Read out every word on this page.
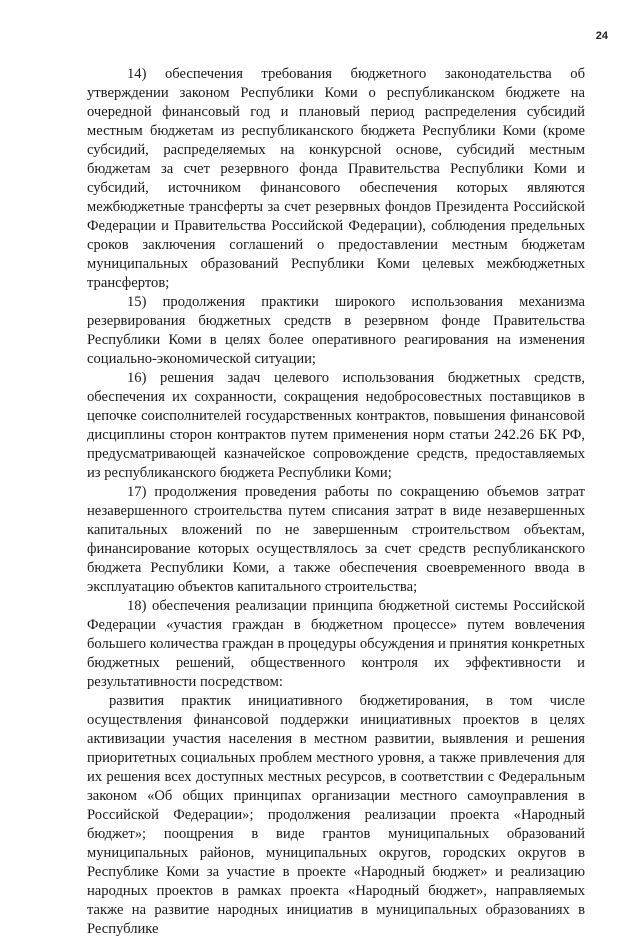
24

14) обеспечения требования бюджетного законодательства об утверждении законом Республики Коми о республиканском бюджете на очередной финансовый год и плановый период распределения субсидий местным бюджетам из республиканского бюджета Республики Коми (кроме субсидий, распределяемых на конкурсной основе, субсидий местным бюджетам за счет резервного фонда Правительства Республики Коми и субсидий, источником финансового обеспечения которых являются межбюджетные трансферты за счет резервных фондов Президента Российской Федерации и Правительства Российской Федерации), соблюдения предельных сроков заключения соглашений о предоставлении местным бюджетам муниципальных образований Республики Коми целевых межбюджетных трансфертов;

15) продолжения практики широкого использования механизма резервирования бюджетных средств в резервном фонде Правительства Республики Коми в целях более оперативного реагирования на изменения социально-экономической ситуации;

16) решения задач целевого использования бюджетных средств, обеспечения их сохранности, сокращения недобросовестных поставщиков в цепочке соисполнителей государственных контрактов, повышения финансовой дисциплины сторон контрактов путем применения норм статьи 242.26 БК РФ, предусматривающей казначейское сопровождение средств, предоставляемых из республиканского бюджета Республики Коми;

17) продолжения проведения работы по сокращению объемов затрат незавершенного строительства путем списания затрат в виде незавершенных капитальных вложений по не завершенным строительством объектам, финансирование которых осуществлялось за счет средств республиканского бюджета Республики Коми, а также обеспечения своевременного ввода в эксплуатацию объектов капитального строительства;

18) обеспечения реализации принципа бюджетной системы Российской Федерации «участия граждан в бюджетном процессе» путем вовлечения большего количества граждан в процедуры обсуждения и принятия конкретных бюджетных решений, общественного контроля их эффективности и результативности посредством:

развития практик инициативного бюджетирования, в том числе осуществления финансовой поддержки инициативных проектов в целях активизации участия населения в местном развитии, выявления и решения приоритетных социальных проблем местного уровня, а также привлечения для их решения всех доступных местных ресурсов, в соответствии с Федеральным законом «Об общих принципах организации местного самоуправления в Российской Федерации»; продолжения реализации проекта «Народный бюджет»; поощрения в виде грантов муниципальных образований муниципальных районов, муниципальных округов, городских округов в Республике Коми за участие в проекте «Народный бюджет» и реализацию народных проектов в рамках проекта «Народный бюджет», направляемых также на развитие народных инициатив в муниципальных образованиях в Республике
